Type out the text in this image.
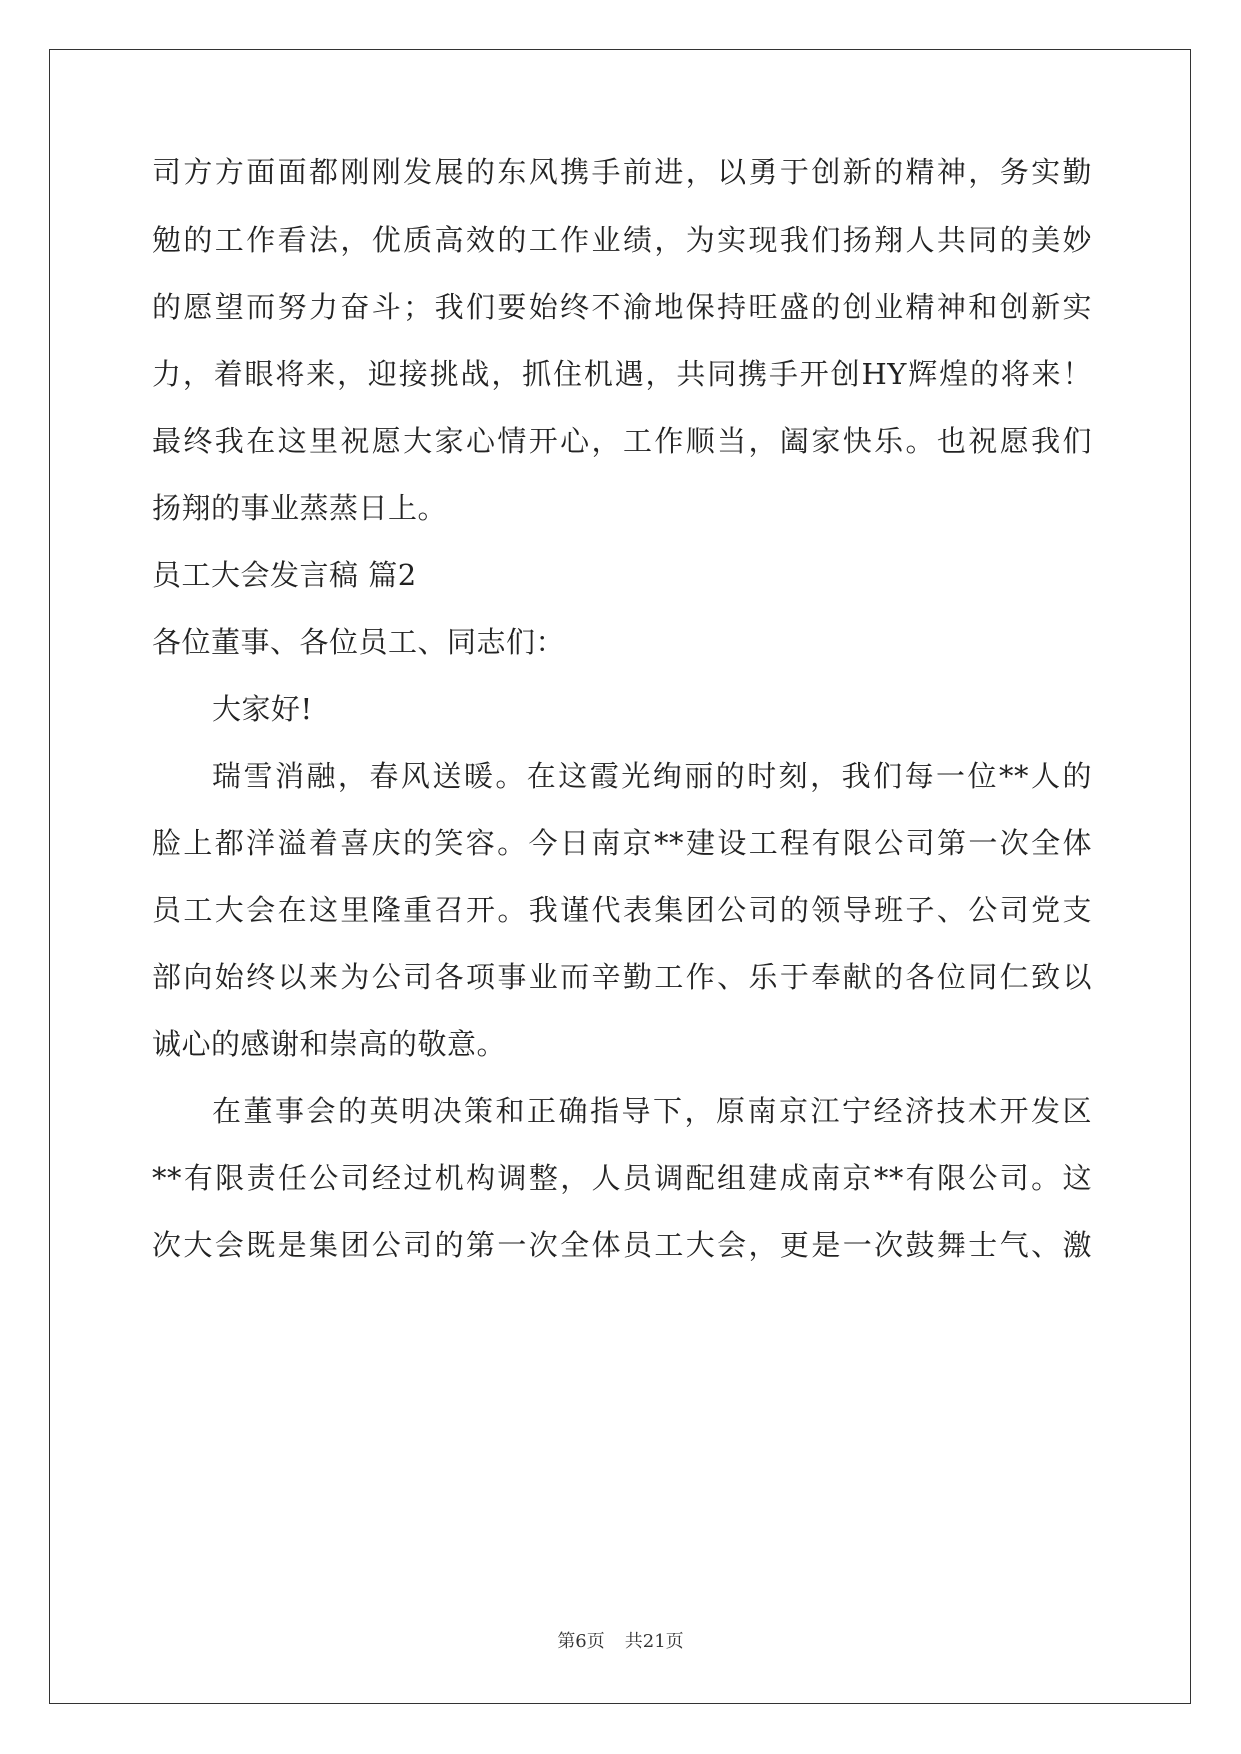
司方方面面都刚刚发展的东风携手前进，以勇于创新的精神，务实勤
勉的工作看法，优质高效的工作业绩，为实现我们扬翔人共同的美妙
的愿望而努力奋斗；我们要始终不渝地保持旺盛的创业精神和创新实
力，着眼将来，迎接挑战，抓住机遇，共同携手开创HY辉煌的将来！
最终我在这里祝愿大家心情开心，工作顺当，阖家快乐。也祝愿我们
扬翔的事业蒸蒸日上。
员工大会发言稿 篇2
各位董事、各位员工、同志们：
大家好!
瑞雪消融，春风送暖。在这霞光绚丽的时刻，我们每一位**人的
脸上都洋溢着喜庆的笑容。今日南京**建设工程有限公司第一次全体
员工大会在这里隆重召开。我谨代表集团公司的领导班子、公司党支
部向始终以来为公司各项事业而辛勤工作、乐于奉献的各位同仁致以
诚心的感谢和崇高的敬意。
在董事会的英明决策和正确指导下，原南京江宁经济技术开发区
**有限责任公司经过机构调整，人员调配组建成南京**有限公司。这
次大会既是集团公司的第一次全体员工大会，更是一次鼓舞士气、激
第6页 共21页
